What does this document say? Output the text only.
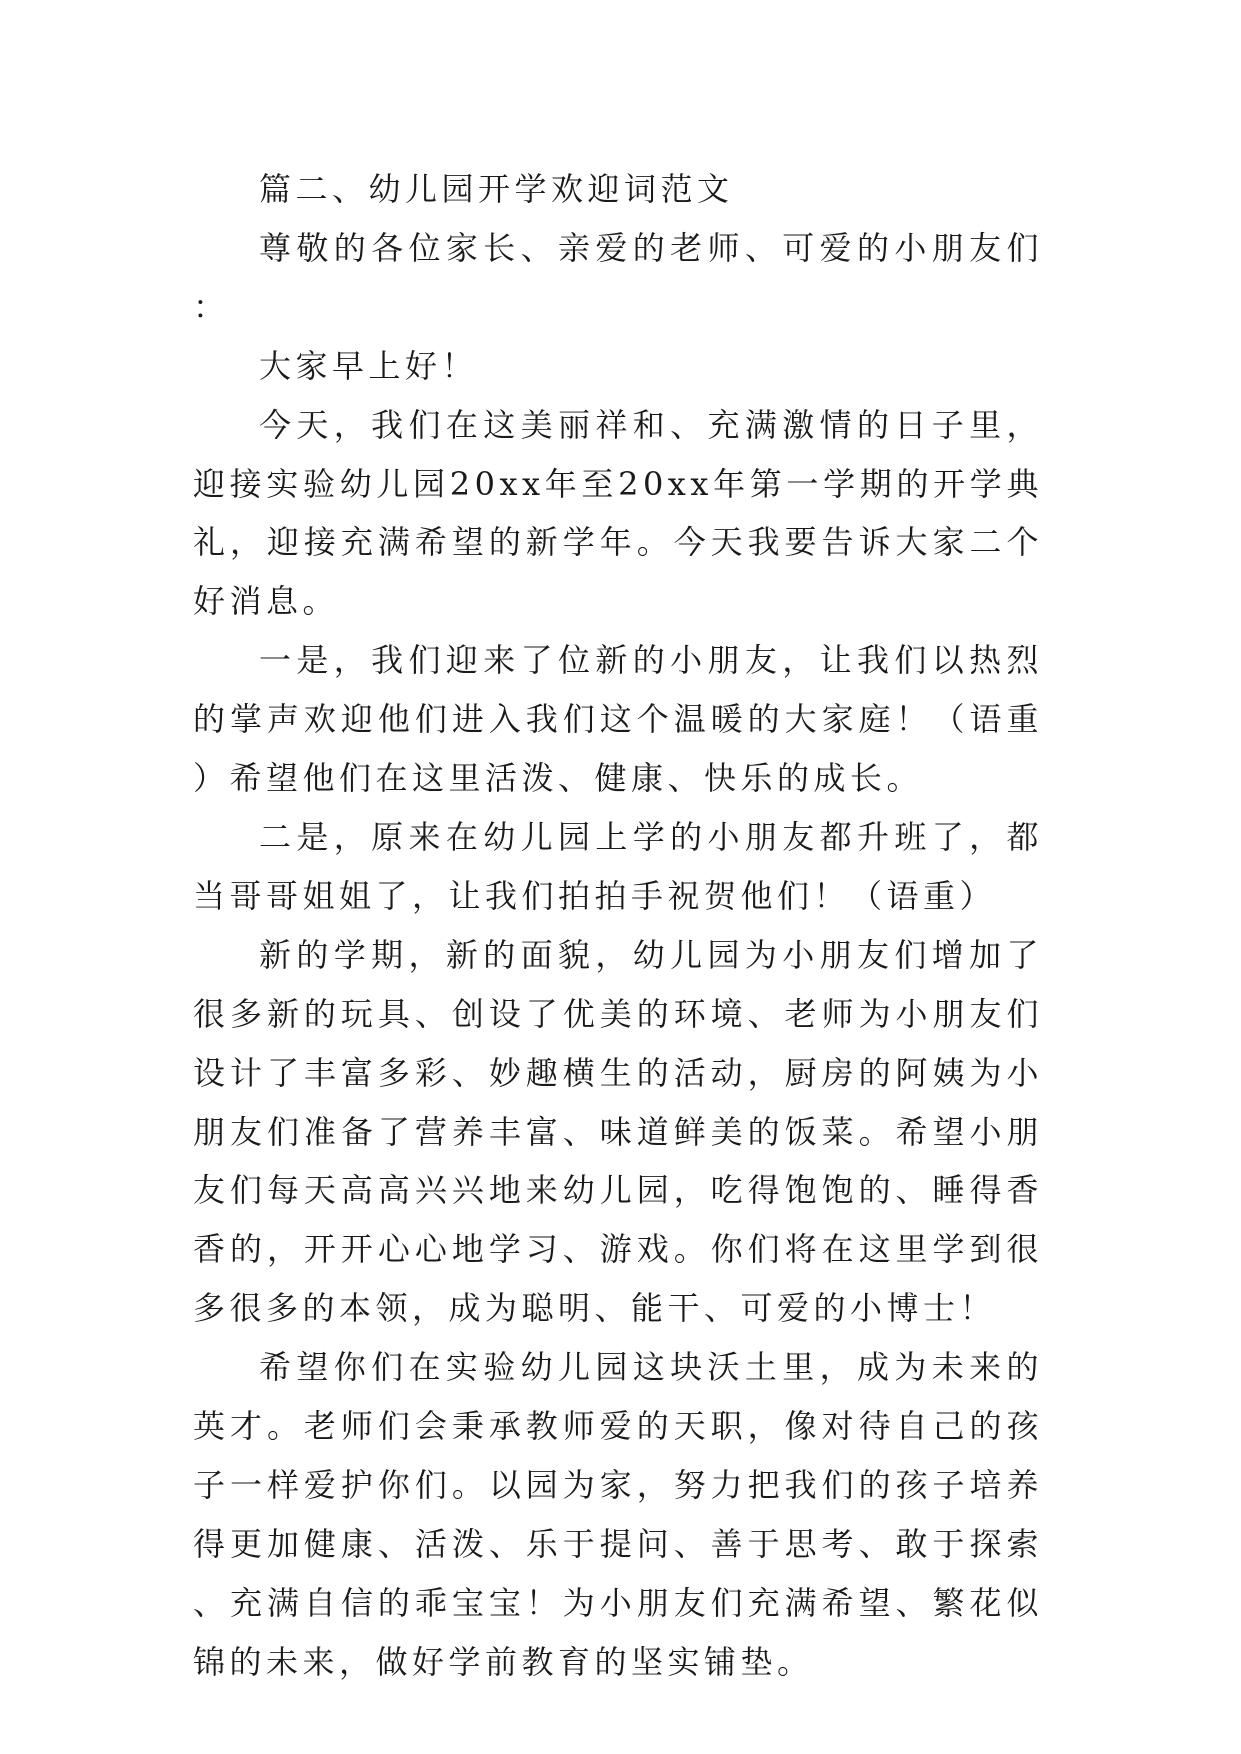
篇二、幼儿园开学欢迎词范文

尊敬的各位家长、亲爱的老师、可爱的小朋友们：

大家早上好！

今天，我们在这美丽祥和、充满激情的日子里，迎接实验幼儿园20xx年至20xx年第一学期的开学典礼，迎接充满希望的新学年。今天我要告诉大家二个好消息。

一是，我们迎来了位新的小朋友，让我们以热烈的掌声欢迎他们进入我们这个温暖的大家庭！（语重）希望他们在这里活泼、健康、快乐的成长。

二是，原来在幼儿园上学的小朋友都升班了，都当哥哥姐姐了，让我们拍拍手祝贺他们！（语重）

新的学期，新的面貌，幼儿园为小朋友们增加了很多新的玩具、创设了优美的环境、老师为小朋友们设计了丰富多彩、妙趣横生的活动，厨房的阿姨为小朋友们准备了营养丰富、味道鲜美的饭菜。希望小朋友们每天高高兴兴地来幼儿园，吃得饱饱的、睡得香香的，开开心心地学习、游戏。你们将在这里学到很多很多的本领，成为聪明、能干、可爱的小博士！

希望你们在实验幼儿园这块沃土里，成为未来的英才。老师们会秉承教师爱的天职，像对待自己的孩子一样爱护你们。以园为家，努力把我们的孩子培养得更加健康、活泼、乐于提问、善于思考、敢于探索、充满自信的乖宝宝！为小朋友们充满希望、繁花似锦的未来，做好学前教育的坚实铺垫。
